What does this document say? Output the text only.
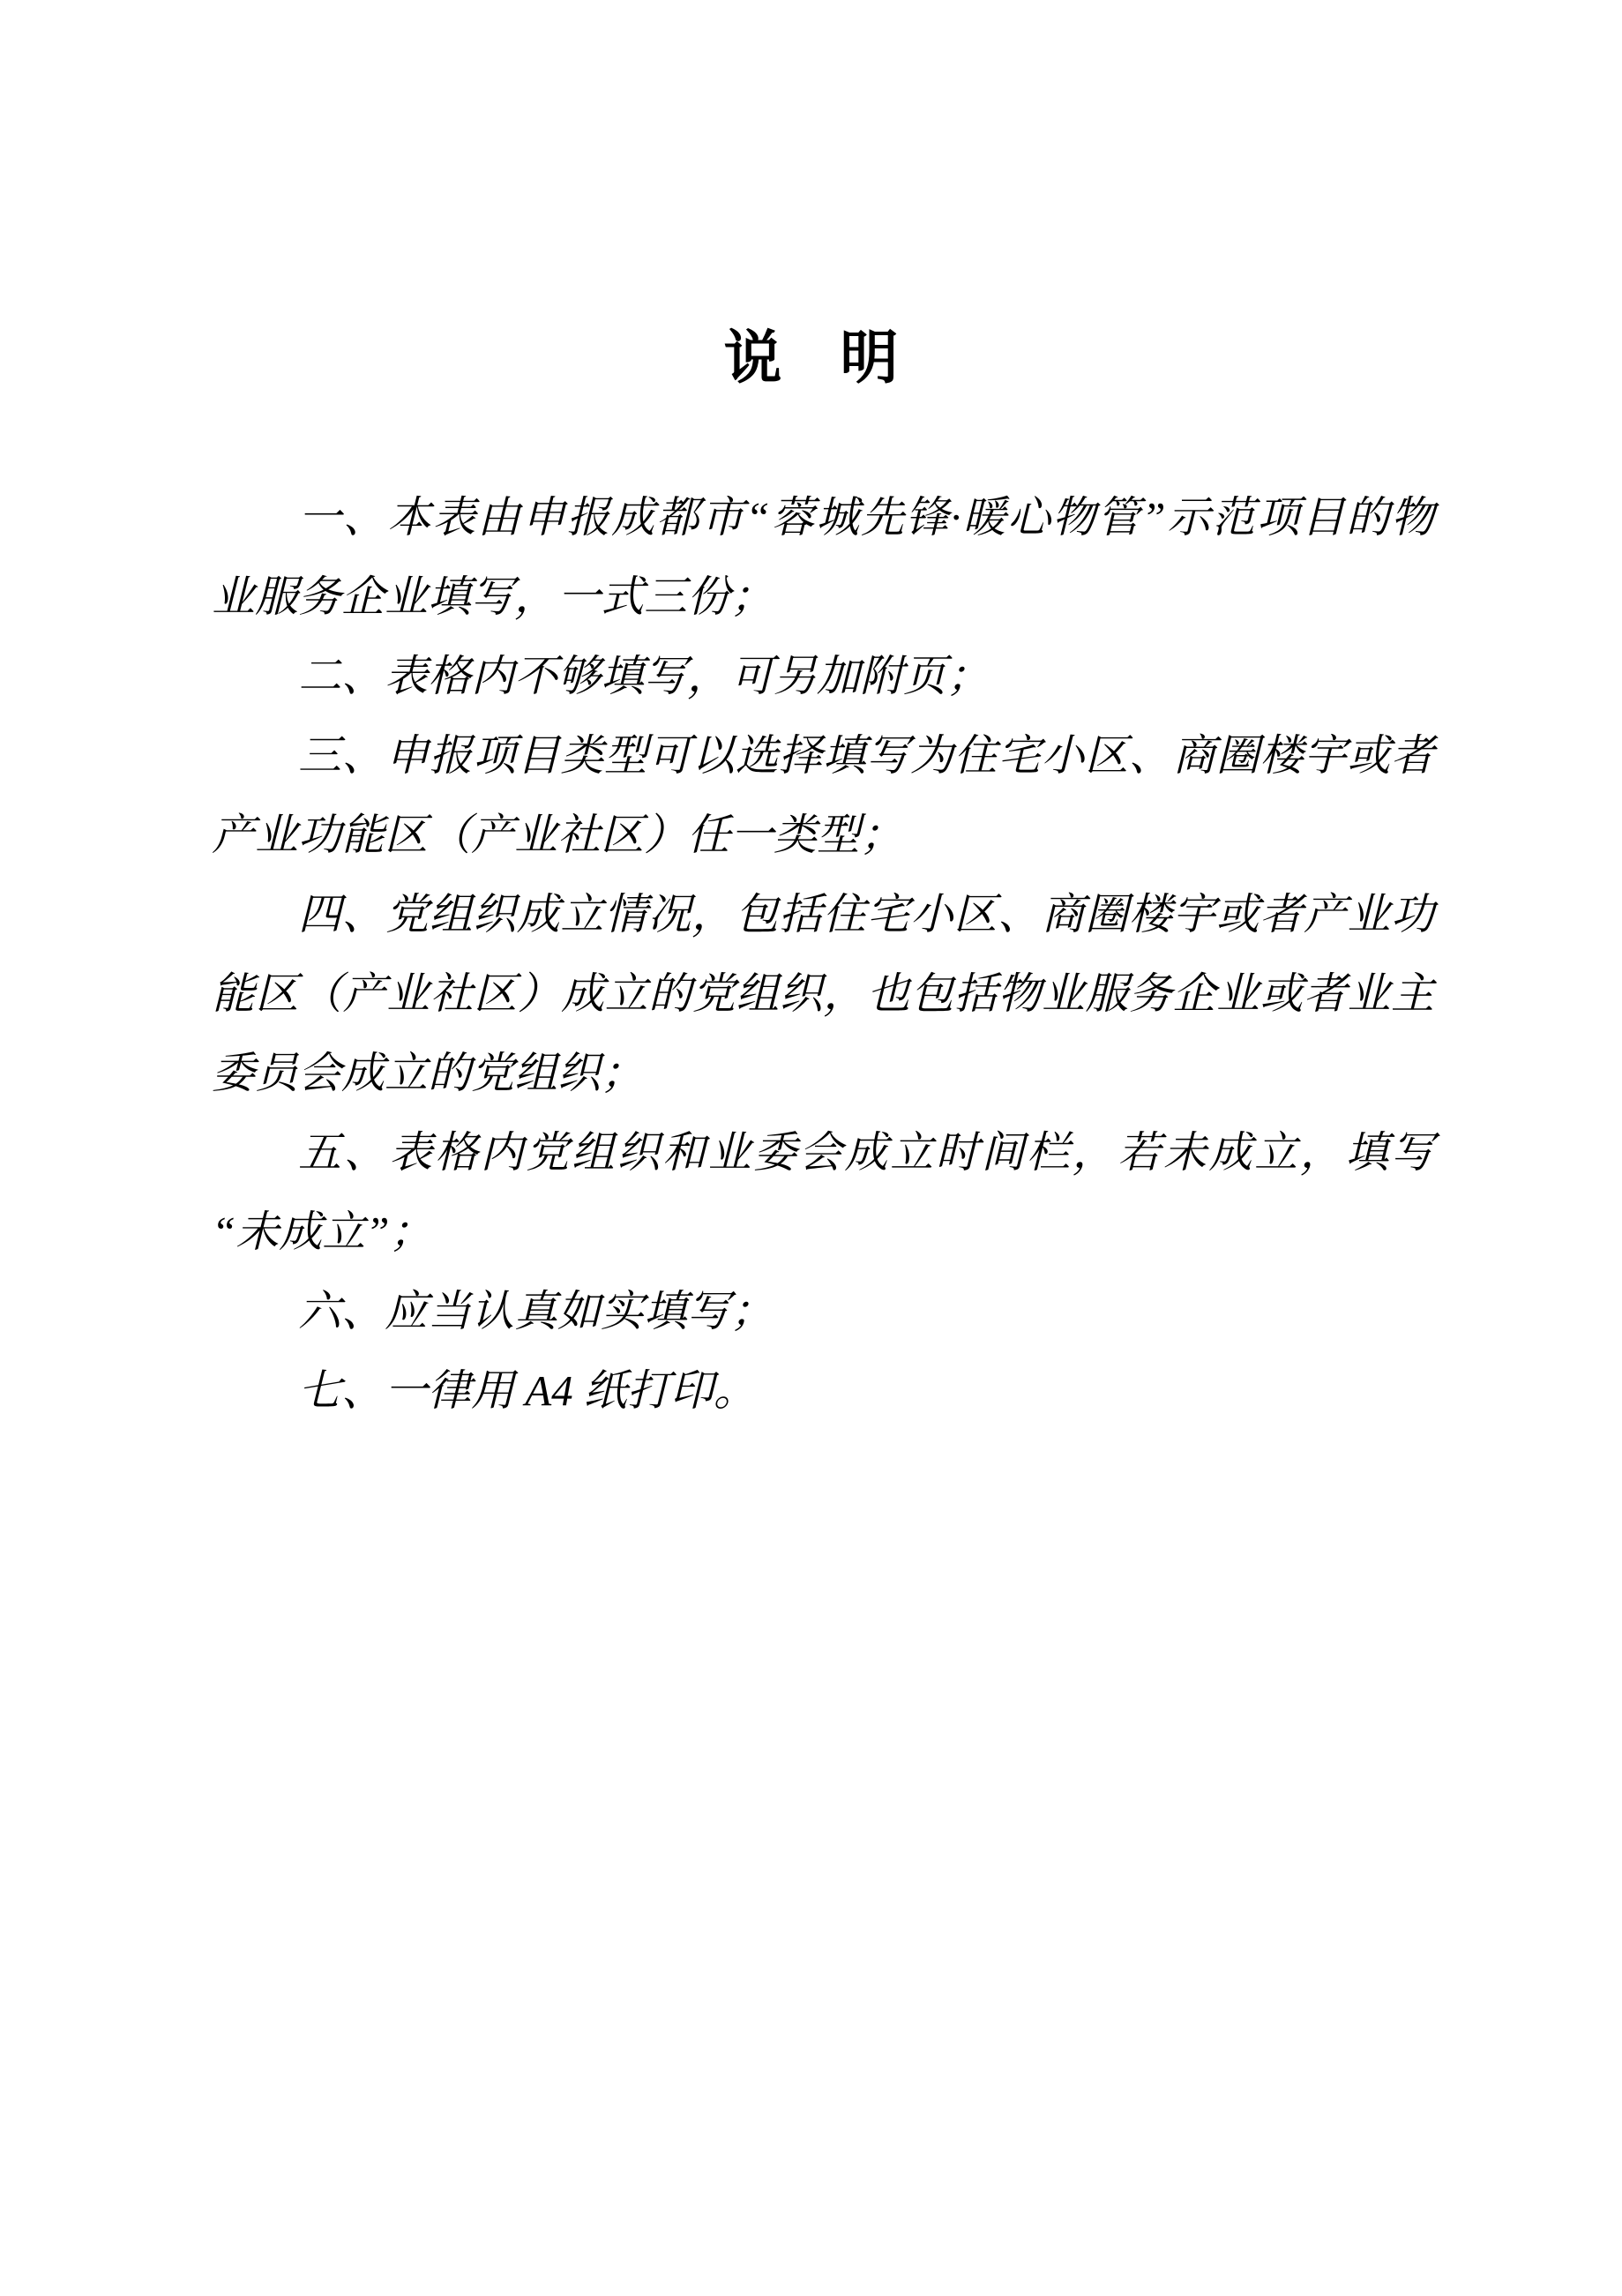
说　明

一、本表由申报成都市“蓉城先锋·暖心物管”示范项目的物业服务企业填写，一式三份；

二、表格内不够填写，可另加附页；

三、申报项目类型可以选择填写为住宅小区、商圈楼宇或者产业功能区（产业社区）任一类型；

四、党组织成立情况，包括住宅小区、商圈楼宇或者产业功能区（产业社区）成立的党组织，也包括物业服务企业或者业主委员会成立的党组织；

五、表格内党组织和业委会成立时间栏，若未成立，填写“未成立”；

六、应当认真如实填写；

七、一律用 A4 纸打印。
